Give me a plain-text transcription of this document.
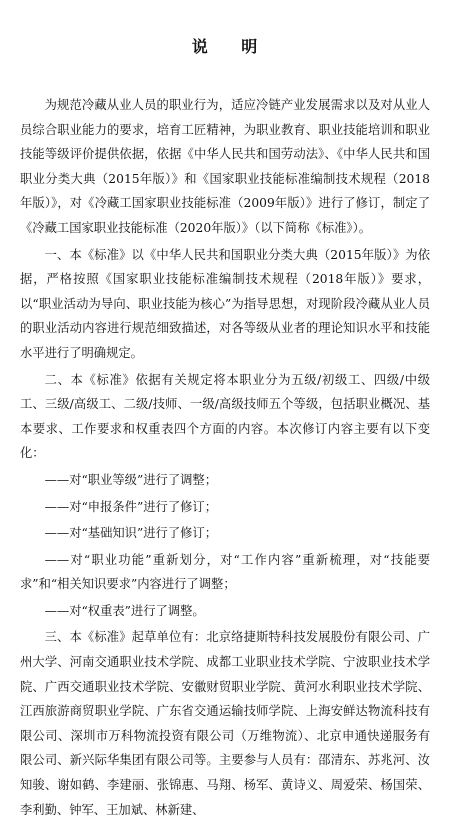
说 明

为规范冷藏从业人员的职业行为，适应冷链产业发展需求以及对从业人员综合职业能力的要求，培育工匠精神，为职业教育、职业技能培训和职业技能等级评价提供依据，依据《中华人民共和国劳动法》、《中华人民共和国职业分类大典（2015年版）》和《国家职业技能标准编制技术规程（2018年版）》，对《冷藏工国家职业技能标准（2009年版）》进行了修订，制定了《冷藏工国家职业技能标准（2020年版）》（以下简称《标准》）。

一、本《标准》以《中华人民共和国职业分类大典（2015年版）》为依据，严格按照《国家职业技能标准编制技术规程（2018年版）》要求，以“职业活动为导向、职业技能为核心”为指导思想，对现阶段冷藏从业人员的职业活动内容进行规范细致描述，对各等级从业者的理论知识水平和技能水平进行了明确规定。

二、本《标准》依据有关规定将本职业分为五级/初级工、四级/中级工、三级/高级工、二级/技师、一级/高级技师五个等级，包括职业概况、基本要求、工作要求和权重表四个方面的内容。本次修订内容主要有以下变化：

——对“职业等级”进行了调整；

——对“申报条件”进行了修订；

——对“基础知识”进行了修订；

——对“职业功能”重新划分，对“工作内容”重新梳理，对“技能要求”和“相关知识要求”内容进行了调整；

——对“权重表”进行了调整。

三、本《标准》起草单位有：北京络捷斯特科技发展股份有限公司、广州大学、河南交通职业技术学院、成都工业职业技术学院、宁波职业技术学院、广西交通职业技术学院、安徽财贸职业学院、黄河水利职业技术学院、江西旅游商贸职业学院、广东省交通运输技师学院、上海安鲜达物流科技有限公司、深圳市万科物流投资有限公司（万维物流）、北京申通快递服务有限公司、新兴际华集团有限公司等。主要参与人员有：邵清东、苏兆河、汝知骏、谢如鹤、李建丽、张锦惠、马翔、杨军、黄诗义、周爱荣、杨国荣、李利勤、钟军、王加斌、林新建、
